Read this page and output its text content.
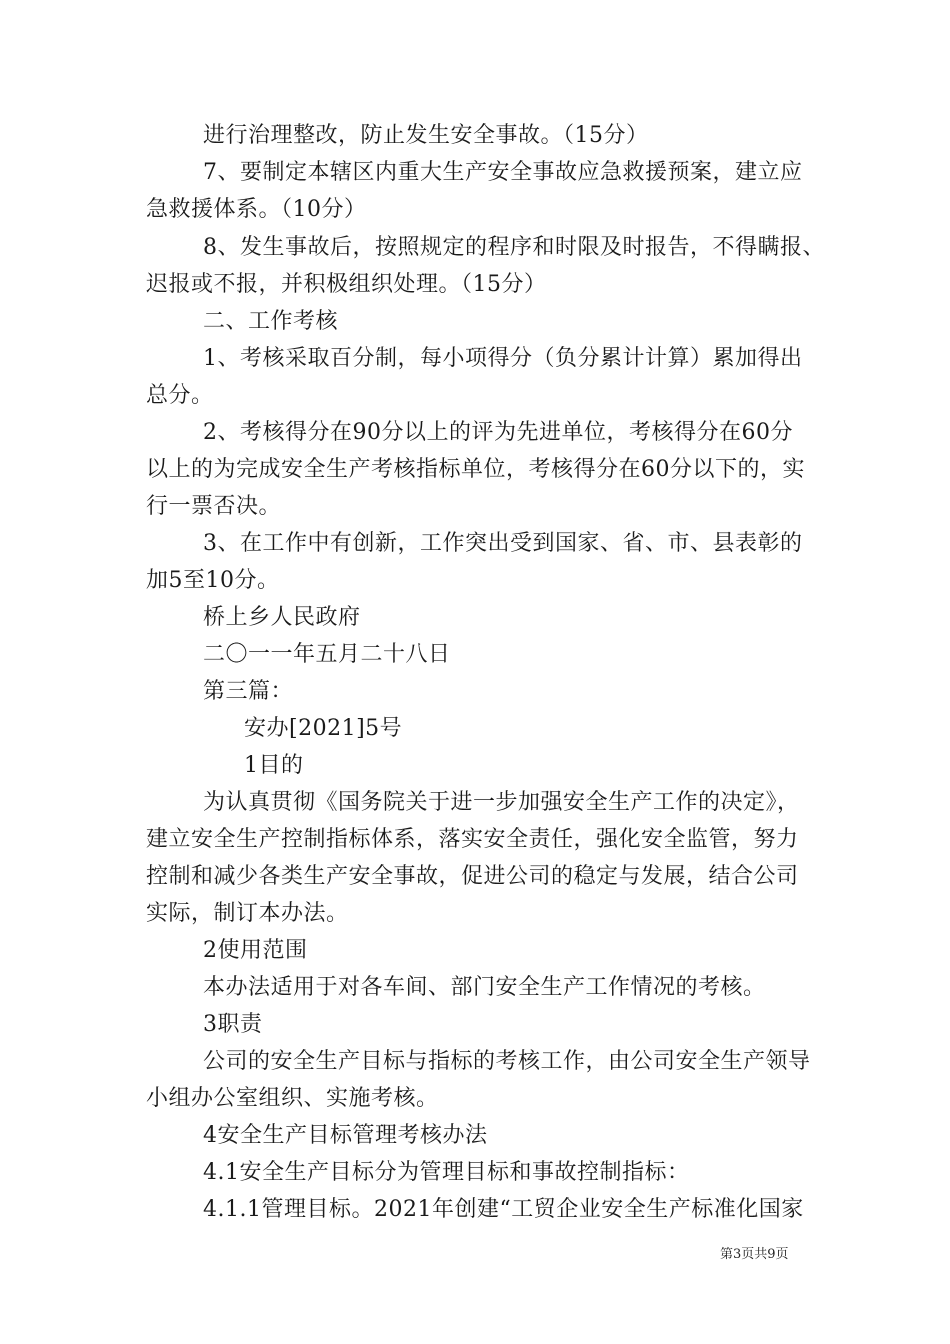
进行治理整改，防止发生安全事故。（15分）
7、要制定本辖区内重大生产安全事故应急救援预案，建立应
急救援体系。（10分）
8、发生事故后，按照规定的程序和时限及时报告，不得瞒报、
迟报或不报，并积极组织处理。（15分）
二、工作考核
1、考核采取百分制，每小项得分（负分累计计算）累加得出
总分。
2、考核得分在90分以上的评为先进单位，考核得分在60分
以上的为完成安全生产考核指标单位，考核得分在60分以下的，实
行一票否决。
3、在工作中有创新，工作突出受到国家、省、市、县表彰的
加5至10分。
桥上乡人民政府
二〇一一年五月二十八日
第三篇：
安办[2021]5号
1目的
为认真贯彻《国务院关于进一步加强安全生产工作的决定》，
建立安全生产控制指标体系，落实安全责任，强化安全监管，努力
控制和减少各类生产安全事故，促进公司的稳定与发展，结合公司
实际，制订本办法。
2使用范围
本办法适用于对各车间、部门安全生产工作情况的考核。
3职责
公司的安全生产目标与指标的考核工作，由公司安全生产领导
小组办公室组织、实施考核。
4安全生产目标管理考核办法
4.1安全生产目标分为管理目标和事故控制指标：
4.1.1管理目标。2021年创建“工贸企业安全生产标准化国家
第3页共9页
